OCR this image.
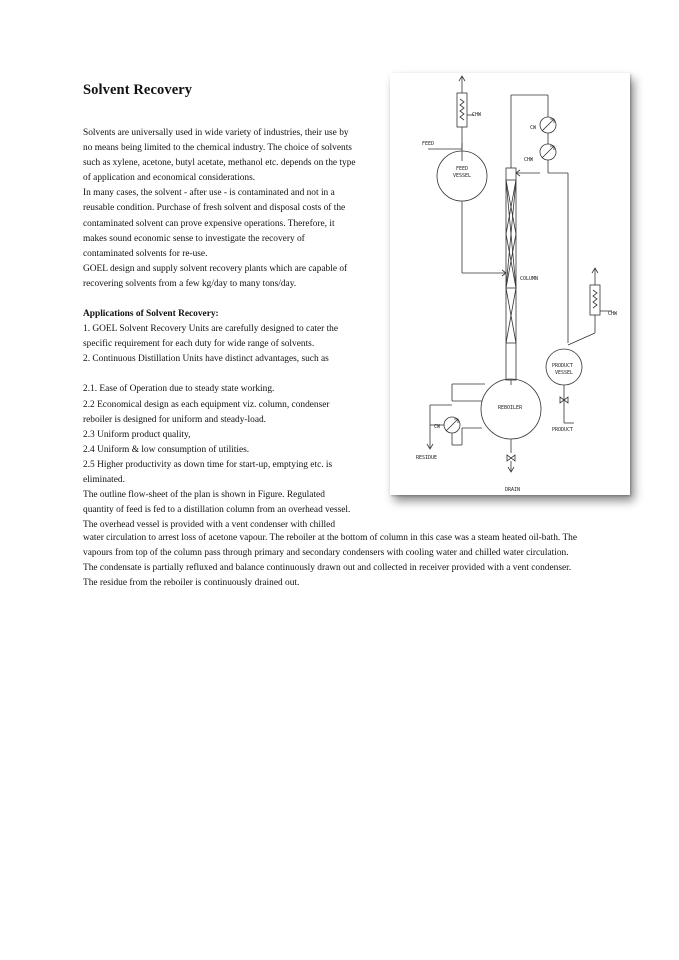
Solvent Recovery

Solvents are universally used in wide variety of industries, their use by

no means being limited to the chemical industry. The choice of solvents

such as xylene, acetone, butyl acetate, methanol etc. depends on the type

of application and economical considerations.

In many cases, the solvent - after use - is contaminated and not in a

reusable condition. Purchase of fresh solvent and disposal costs of the

contaminated solvent can prove expensive operations. Therefore, it

makes sound economic sense to investigate the recovery of

contaminated solvents for re-use.

GOEL design and supply solvent recovery plants which are capable of

recovering solvents from a few kg/day to many tons/day.

Applications of Solvent Recovery:

1. GOEL Solvent Recovery Units are carefully designed to cater the

specific requirement for each duty for wide range of solvents.

2. Continuous Distillation Units have distinct advantages, such as

2.1. Ease of Operation due to steady state working.

2.2 Economical design as each equipment viz. column, condenser

reboiler is designed for uniform and steady-load.

2.3 Uniform product quality,

2.4 Uniform & low consumption of utilities.

2.5 Higher productivity as down time for start-up, emptying etc. is

eliminated.

The outline flow-sheet of the plan is shown in Figure. Regulated

quantity of feed is fed to a distillation column from an overhead vessel.

The overhead vessel is provided with a vent condenser with chilled

water circulation to arrest loss of acetone vapour. The reboiler at the bottom of column in this case was a steam heated oil-bath. The

vapours from top of the column pass through primary and secondary condensers with cooling water and chilled water circulation.

The condensate is partially refluxed and balance continuously drawn out and collected in receiver provided with a vent condenser.

The residue from the reboiler is continuously drained out.

CHW
CW
CHW
FEED
FEED
VESSEL
COLUMN
CHW
PRODUCT
VESSEL
REBOILER
CW	PRODUCT
RESIDUE
DRAIN
